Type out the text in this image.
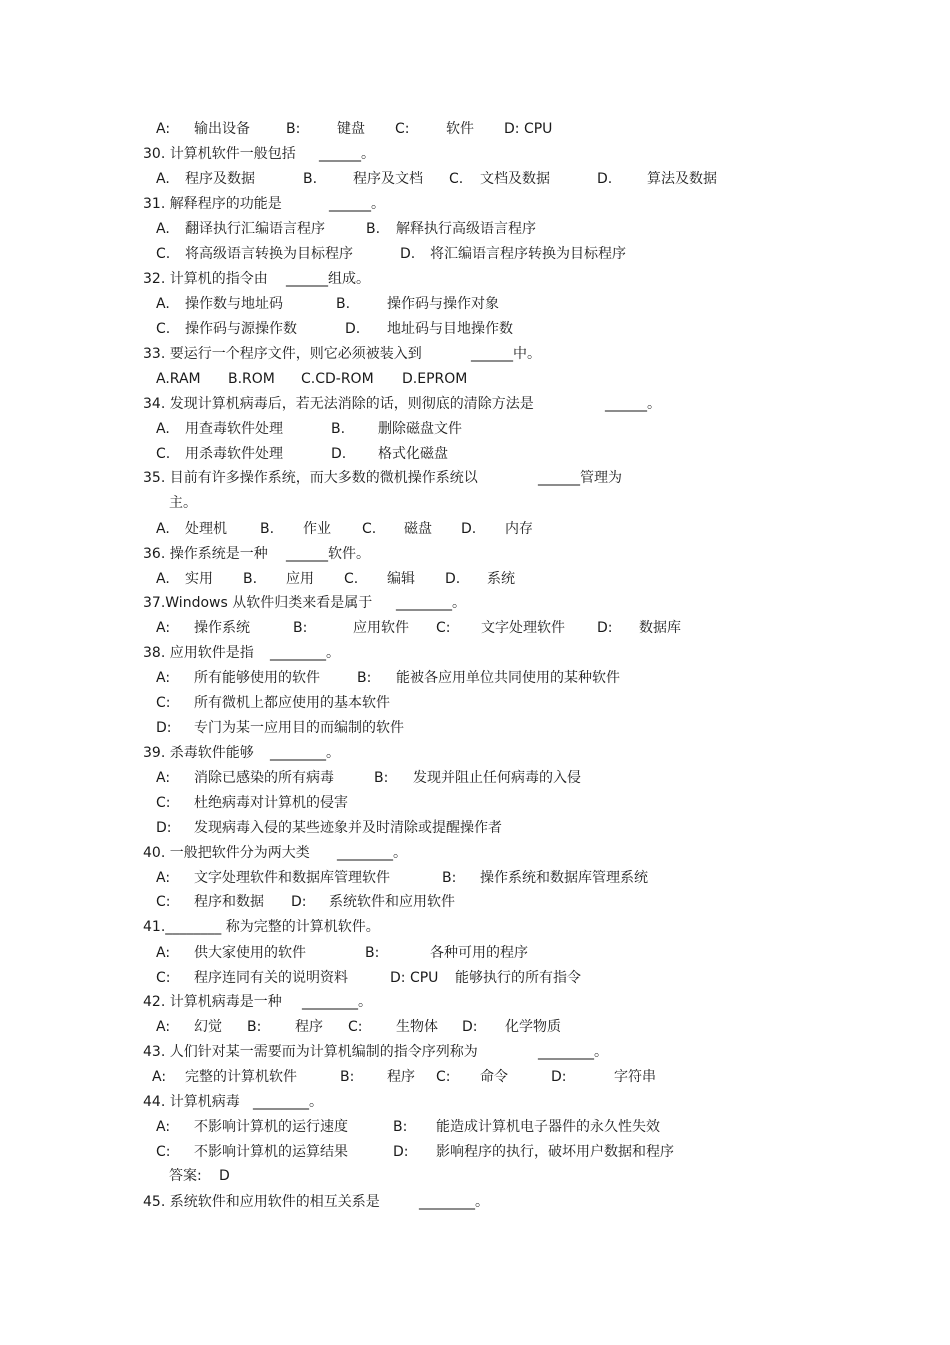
A: 输出设备	B:	键盘 C:	软件 D: CPU
30. 计算机软件一般包括 ______。
A. 程序及数据	B.	程序及文档 C. 文档及数据	D. 算法及数据
31. 解释程序的功能是	______。
A. 翻译执行汇编语言程序	B. 解释执行高级语言程序
C. 将高级语言转换为目标程序	D. 将汇编语言程序转换为目标程序
32. 计算机的指令由 ______组成。
A. 操作数与地址码	B.	操作码与操作对象
C. 操作码与源操作数	D. 地址码与目地操作数
33. 要运行一个程序文件，则它必须被装入到	______中。
A.RAM B.ROM C.CD-ROM D.EPROM
34. 发现计算机病毒后，若无法消除的话，则彻底的清除方法是	______。
A. 用查毒软件处理	B. 删除磁盘文件
C. 用杀毒软件处理	D. 格式化磁盘
35. 目前有许多操作系统，而大多数的微机操作系统以	______管理为
主。
A. 处理机 B. 作业 C. 磁盘 D. 内存
36. 操作系统是一种 ______软件。
A. 实用 B. 应用 C. 编辑 D. 系统
37.Windows 从软件归类来看是属于 ________。
A: 操作系统	B:	应用软件 C: 文字处理软件 D: 数据库
38. 应用软件是指 ________。
A: 所有能够使用的软件	B: 能被各应用单位共同使用的某种软件
C: 所有微机上都应使用的基本软件
D: 专门为某一应用目的而编制的软件
39. 杀毒软件能够 ________。
A: 消除已感染的所有病毒	B: 发现并阻止任何病毒的入侵
C: 杜绝病毒对计算机的侵害
D: 发现病毒入侵的某些迹象并及时清除或提醒操作者
40. 一般把软件分为两大类 ________。
A: 文字处理软件和数据库管理软件	B: 操作系统和数据库管理系统
C: 程序和数据 D: 系统软件和应用软件
41.________ 称为完整的计算机软件。
A: 供大家使用的软件	B:	各种可用的程序
C: 程序连同有关的说明资料	D: CPU 能够执行的所有指令
42. 计算机病毒是一种 ________。
A: 幻觉 B: 程序 C: 生物体 D: 化学物质
43. 人们针对某一需要而为计算机编制的指令序列称为	________。
A: 完整的计算机软件	B: 程序 C: 命令	D:	字符串
44. 计算机病毒 ________。
A: 不影响计算机的运行速度	B: 能造成计算机电子器件的永久性失效
C: 不影响计算机的运算结果	D: 影响程序的执行，破坏用户数据和程序
答案: D
45. 系统软件和应用软件的相互关系是	________。
